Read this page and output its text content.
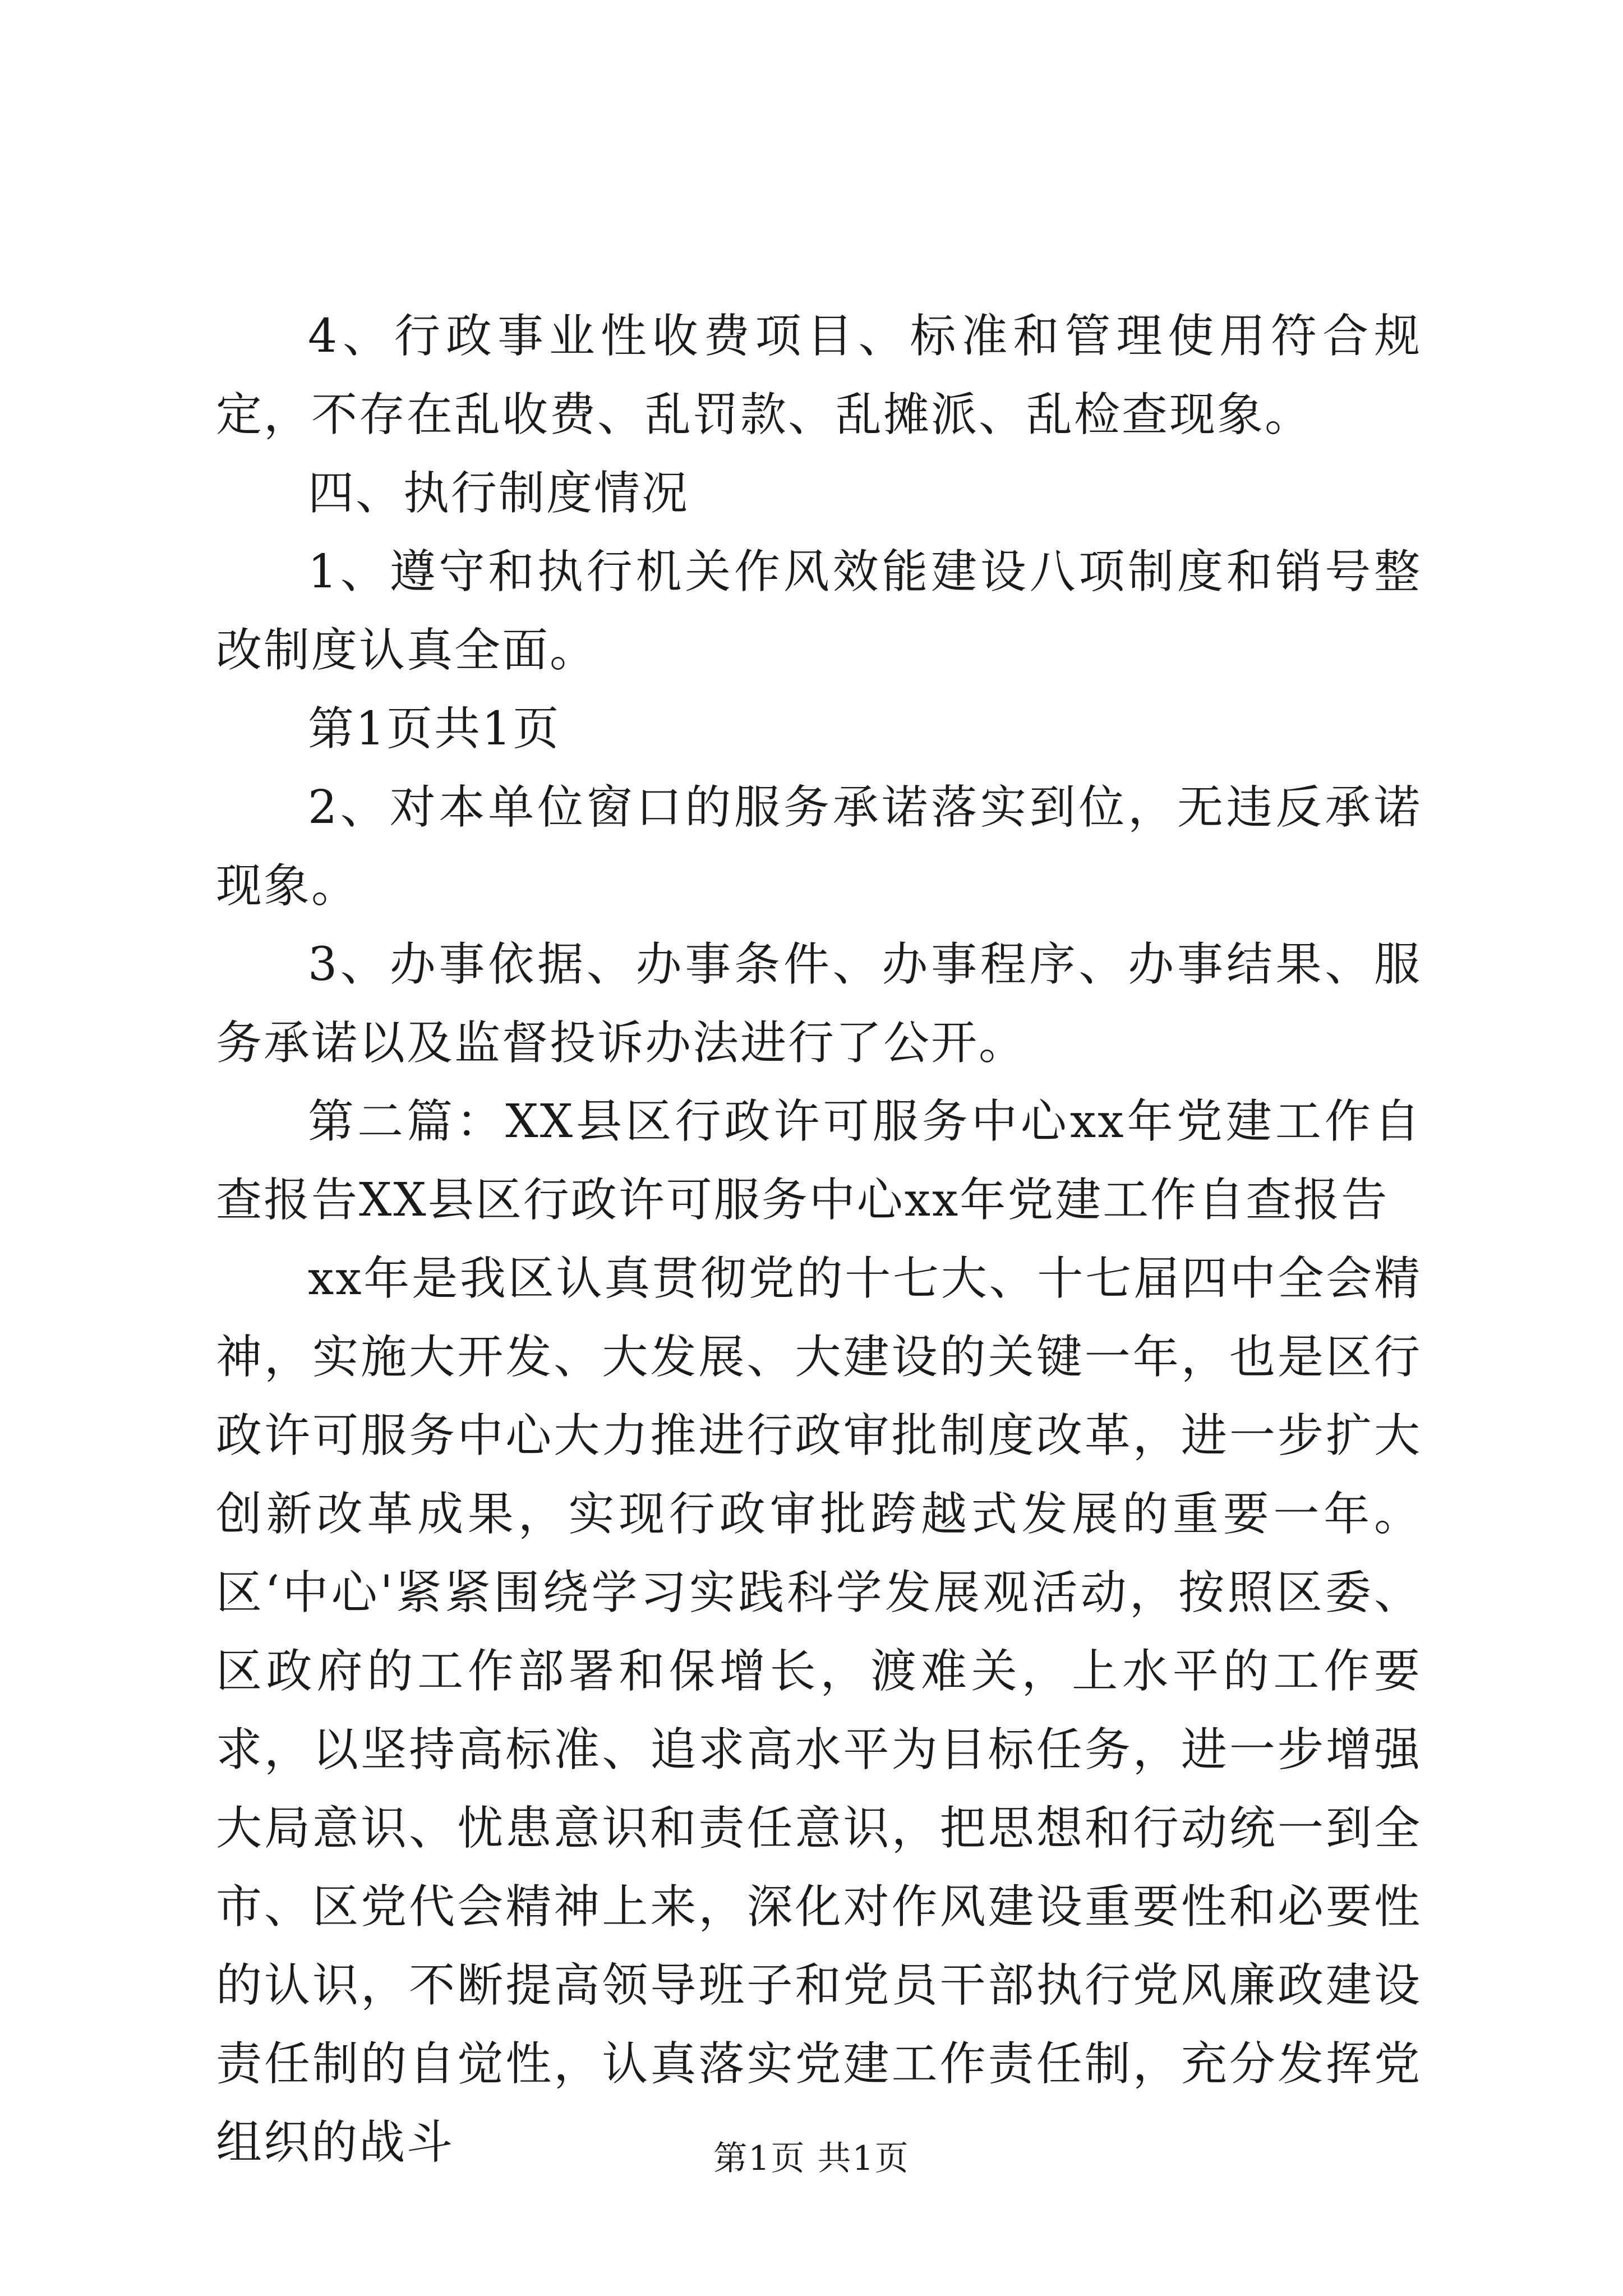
4、行政事业性收费项目、标准和管理使用符合规定，不存在乱收费、乱罚款、乱摊派、乱检查现象。

四、执行制度情况

1、遵守和执行机关作风效能建设八项制度和销号整改制度认真全面。

第1页共1页

2、对本单位窗口的服务承诺落实到位，无违反承诺现象。

3、办事依据、办事条件、办事程序、办事结果、服务承诺以及监督投诉办法进行了公开。

第二篇：XX县区行政许可服务中心xx年党建工作自查报告XX县区行政许可服务中心xx年党建工作自查报告

xx年是我区认真贯彻党的十七大、十七届四中全会精神，实施大开发、大发展、大建设的关键一年，也是区行政许可服务中心大力推进行政审批制度改革，进一步扩大创新改革成果，实现行政审批跨越式发展的重要一年。区‘中心'紧紧围绕学习实践科学发展观活动，按照区委、区政府的工作部署和保增长，渡难关，上水平的工作要求，以坚持高标准、追求高水平为目标任务，进一步增强大局意识、忧患意识和责任意识，把思想和行动统一到全市、区党代会精神上来，深化对作风建设重要性和必要性的认识，不断提高领导班子和党员干部执行党风廉政建设责任制的自觉性，认真落实党建工作责任制，充分发挥党组织的战斗	第1页 共1页
